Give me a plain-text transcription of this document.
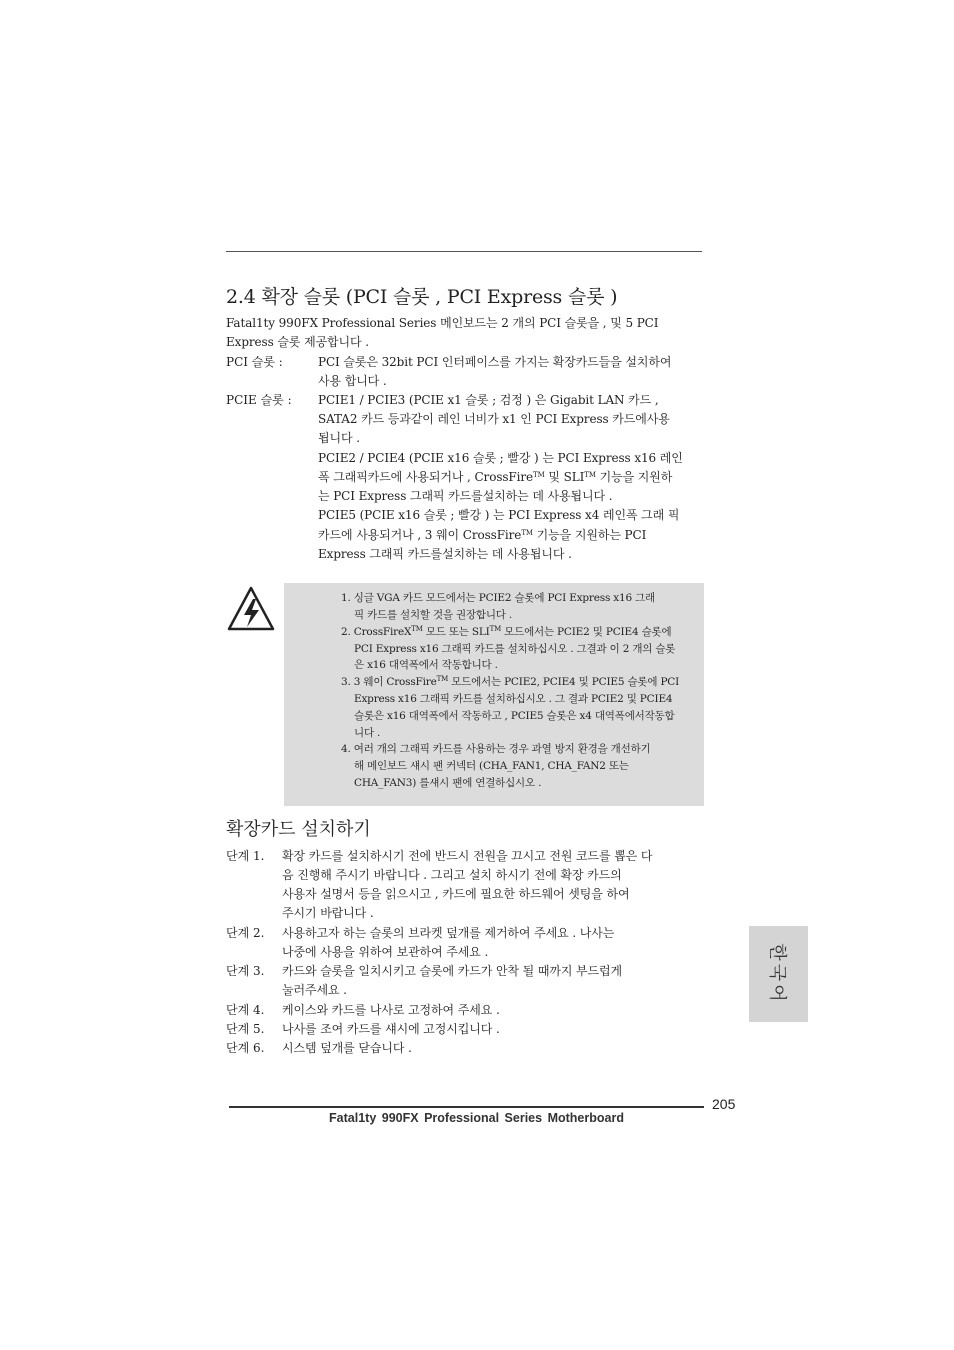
2.4 확장 슬롯 (PCI 슬롯 , PCI Express 슬롯 )
Fatal1ty 990FX Professional Series 메인보드는 2 개의 PCI 슬롯을 , 및 5 PCI
Express 슬롯 제공합니다 .
PCI 슬롯 :	PCI 슬롯은 32bit PCI 인터페이스를 가지는 확장카드들을 설치하여
사용 합니다 .
PCIE 슬롯 : PCIE1 / PCIE3 (PCIE x1 슬롯 ; 검정 ) 은 Gigabit LAN 카드 ,
SATA2 카드 등과같이 레인 너비가 x1 인 PCI Express 카드에사용
됩니다 .
PCIE2 / PCIE4 (PCIE x16 슬롯 ; 빨강 ) 는 PCI Express x16 레인
폭 그래픽카드에 사용되거나 , CrossFire™ 및 SLI™ 기능을 지원하
는 PCI Express 그래픽 카드를설치하는 데 사용됩니다 .
PCIE5 (PCIE x16 슬롯 ; 빨강 ) 는 PCI Express x4 레인폭 그래 픽
카드에 사용되거나 , 3 웨이 CrossFire™ 기능을 지원하는 PCI
Express 그래픽 카드를설치하는 데 사용됩니다 .
1. 싱글 VGA 카드 모드에서는 PCIE2 슬롯에 PCI Express x16 그래
픽 카드를 설치할 것을 권장합니다 .
2. CrossFireX™ 모드 또는 SLI™ 모드에서는 PCIE2 및 PCIE4 슬롯에
PCI Express x16 그래픽 카드를 설치하십시오 . 그결과 이 2 개의 슬롯
은 x16 대역폭에서 작동합니다 .
3. 3 웨이 CrossFire™ 모드에서는 PCIE2, PCIE4 및 PCIE5 슬롯에 PCI
Express x16 그래픽 카드를 설치하십시오 . 그 결과 PCIE2 및 PCIE4
슬롯은 x16 대역폭에서 작동하고 , PCIE5 슬롯은 x4 대역폭에서작동합
니다 .
4. 여러 개의 그래픽 카드를 사용하는 경우 과열 방지 환경을 개선하기
해 메인보드 섀시 팬 커넥터 (CHA_FAN1, CHA_FAN2 또는
CHA_FAN3) 를섀시 팬에 연결하십시오 .
확장카드 설치하기
단계 1. 확장 카드를 설치하시기 전에 반드시 전원을 끄시고 전원 코드를 뽑은 다
음 진행해 주시기 바랍니다 . 그리고 설치 하시기 전에 확장 카드의
사용자 설명서 등을 읽으시고 , 카드에 필요한 하드웨어 셋팅을 하여
주시기 바랍니다 .
단계 2. 사용하고자 하는 슬롯의 브라켓 덮개를 제거하여 주세요 . 나사는
나중에 사용을 위하여 보관하여 주세요 .
단계 3. 카드와 슬롯을 일치시키고 슬롯에 카드가 안착 될 때까지 부드럽게
눌러주세요 .
단계 4. 케이스와 카드를 나사로 고정하여 주세요 .
단계 5. 나사를 조여 카드를 섀시에 고정시킵니다 .
단계 6. 시스템 덮개를 닫습니다 .
한국어
205
Fatal1ty 990FX Professional Series Motherboard
